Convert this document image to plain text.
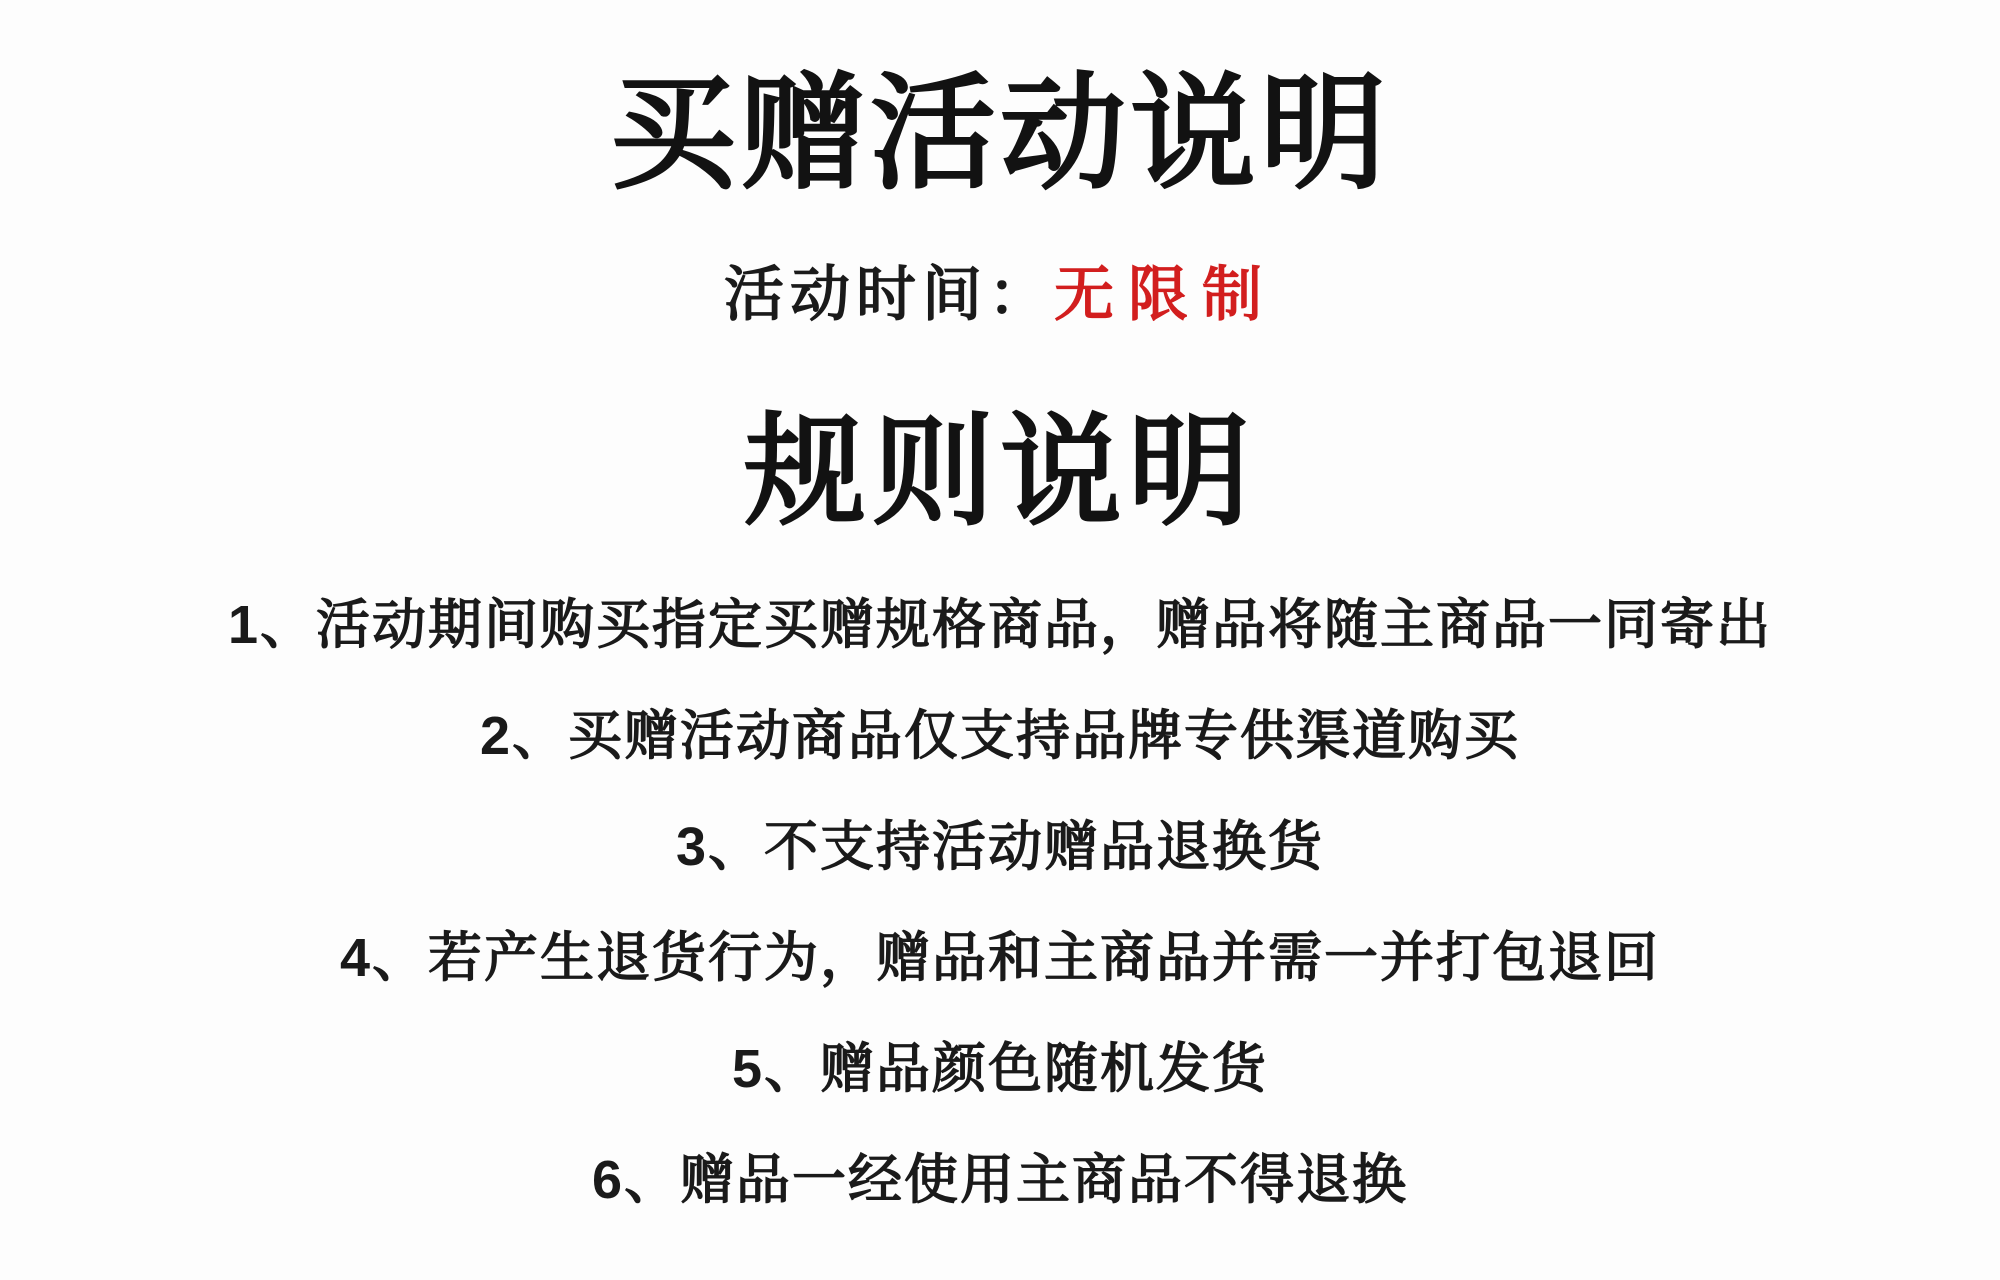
买赠活动说明
活动时间：无限制
规则说明
1、活动期间购买指定买赠规格商品，赠品将随主商品一同寄出
2、买赠活动商品仅支持品牌专供渠道购买
3、不支持活动赠品退换货
4、若产生退货行为，赠品和主商品并需一并打包退回
5、赠品颜色随机发货
6、赠品一经使用主商品不得退换
